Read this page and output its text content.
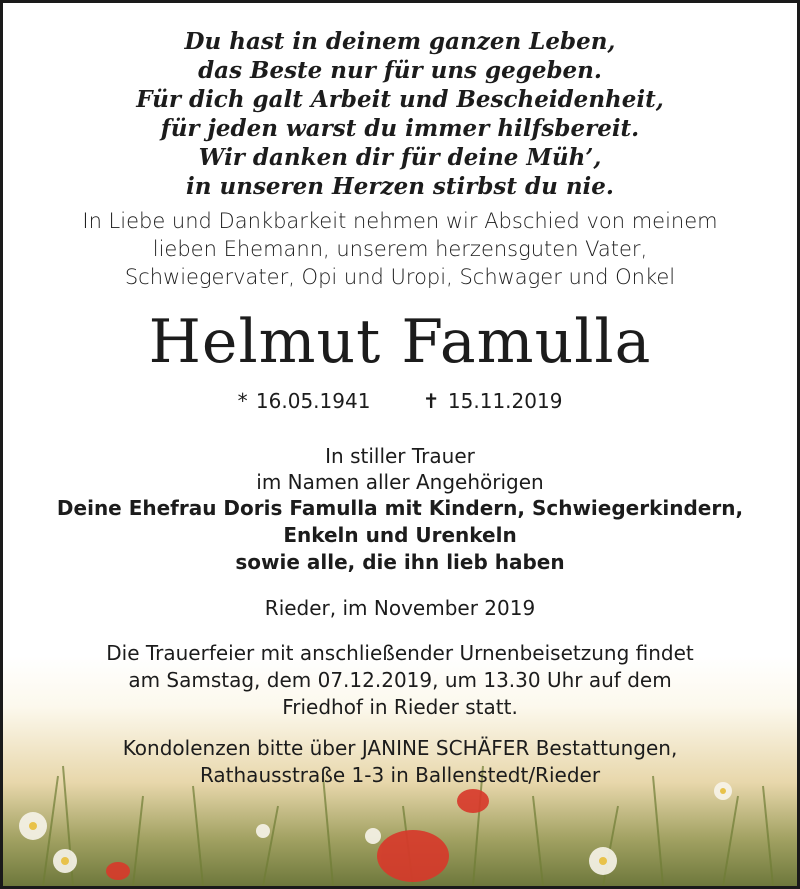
Du hast in deinem ganzen Leben,
das Beste nur für uns gegeben.
Für dich galt Arbeit und Bescheidenheit,
für jeden warst du immer hilfsbereit.
Wir danken dir für deine Müh’,
in unseren Herzen stirbst du nie.
In Liebe und Dankbarkeit nehmen wir Abschied von meinem
lieben Ehemann, unserem herzensguten Vater,
Schwiegervater, Opi und Uropi, Schwager und Onkel
Helmut Famulla
* 16.05.1941	✝ 15.11.2019
In stiller Trauer
im Namen aller Angehörigen
Deine Ehefrau Doris Famulla mit Kindern, Schwiegerkindern,
Enkeln und Urenkeln
sowie alle, die ihn lieb haben
Rieder, im November 2019
Die Trauerfeier mit anschließender Urnenbeisetzung findet
am Samstag, dem 07.12.2019, um 13.30 Uhr auf dem
Friedhof in Rieder statt.
Kondolenzen bitte über JANINE SCHÄFER Bestattungen,
Rathausstraße 1-3 in Ballenstedt/Rieder
